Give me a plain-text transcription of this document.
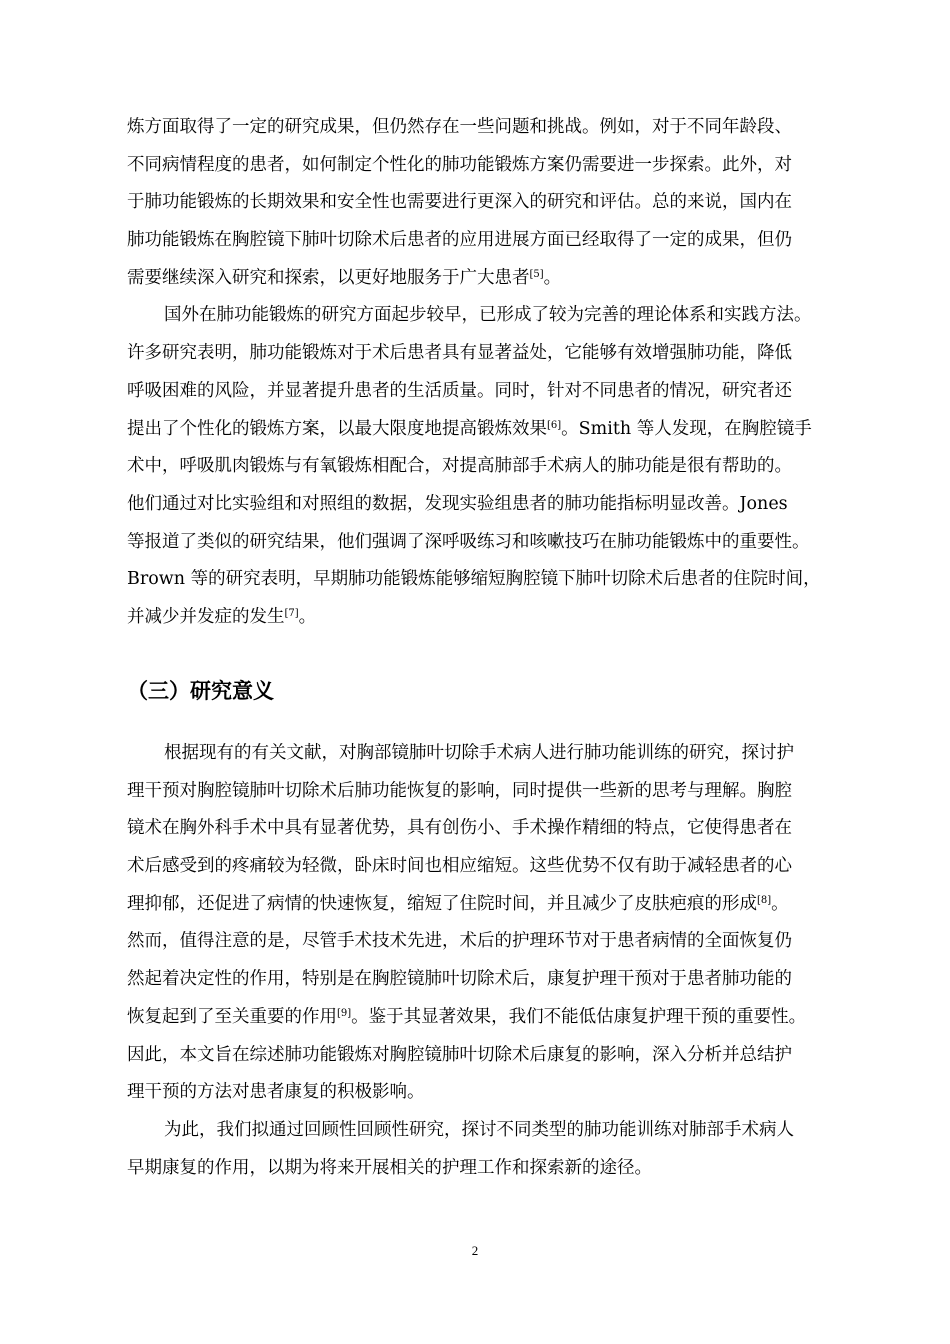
炼方面取得了一定的研究成果，但仍然存在一些问题和挑战。例如，对于不同年龄段、
不同病情程度的患者，如何制定个性化的肺功能锻炼方案仍需要进一步探索。此外，对
于肺功能锻炼的长期效果和安全性也需要进行更深入的研究和评估。总的来说，国内在
肺功能锻炼在胸腔镜下肺叶切除术后患者的应用进展方面已经取得了一定的成果，但仍
需要继续深入研究和探索，以更好地服务于广大患者[5]。
国外在肺功能锻炼的研究方面起步较早，已形成了较为完善的理论体系和实践方法。
许多研究表明，肺功能锻炼对于术后患者具有显著益处，它能够有效增强肺功能，降低
呼吸困难的风险，并显著提升患者的生活质量。同时，针对不同患者的情况，研究者还
提出了个性化的锻炼方案，以最大限度地提高锻炼效果[6]。Smith 等人发现，在胸腔镜手
术中，呼吸肌肉锻炼与有氧锻炼相配合，对提高肺部手术病人的肺功能是很有帮助的。
他们通过对比实验组和对照组的数据，发现实验组患者的肺功能指标明显改善。Jones
等报道了类似的研究结果，他们强调了深呼吸练习和咳嗽技巧在肺功能锻炼中的重要性。
Brown 等的研究表明，早期肺功能锻炼能够缩短胸腔镜下肺叶切除术后患者的住院时间，
并减少并发症的发生[7]。
（三）研究意义
根据现有的有关文献，对胸部镜肺叶切除手术病人进行肺功能训练的研究，探讨护
理干预对胸腔镜肺叶切除术后肺功能恢复的影响，同时提供一些新的思考与理解。胸腔
镜术在胸外科手术中具有显著优势，具有创伤小、手术操作精细的特点，它使得患者在
术后感受到的疼痛较为轻微，卧床时间也相应缩短。这些优势不仅有助于减轻患者的心
理抑郁，还促进了病情的快速恢复，缩短了住院时间，并且减少了皮肤疤痕的形成[8]。
然而，值得注意的是，尽管手术技术先进，术后的护理环节对于患者病情的全面恢复仍
然起着决定性的作用，特别是在胸腔镜肺叶切除术后，康复护理干预对于患者肺功能的
恢复起到了至关重要的作用[9]。鉴于其显著效果，我们不能低估康复护理干预的重要性。
因此，本文旨在综述肺功能锻炼对胸腔镜肺叶切除术后康复的影响，深入分析并总结护
理干预的方法对患者康复的积极影响。
为此，我们拟通过回顾性回顾性研究，探讨不同类型的肺功能训练对肺部手术病人
早期康复的作用，以期为将来开展相关的护理工作和探索新的途径。
2
